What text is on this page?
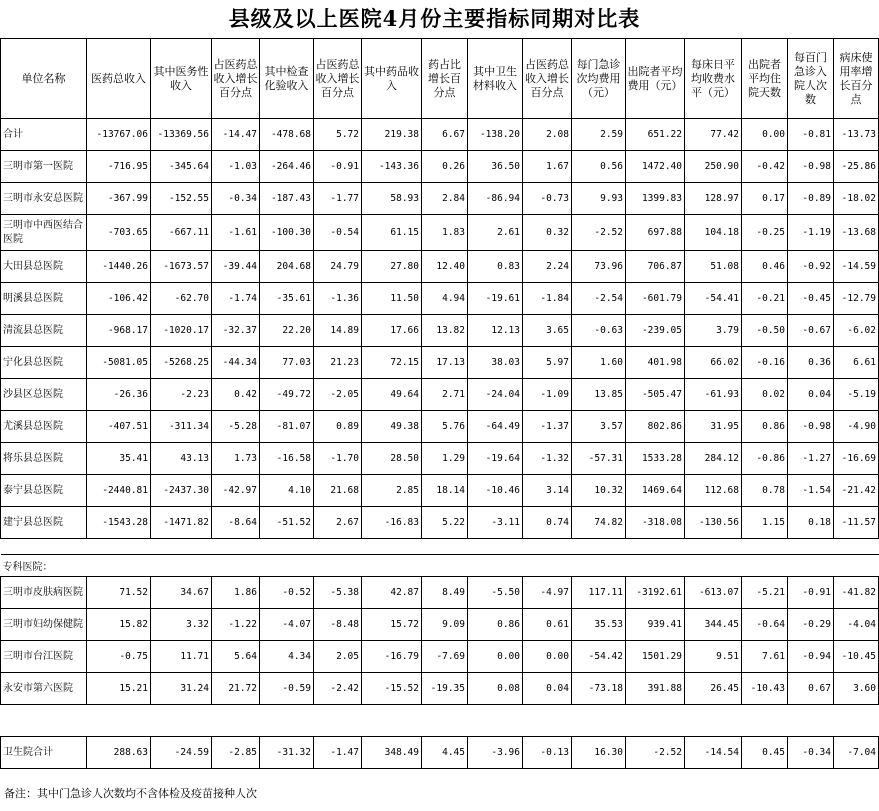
县级及以上医院4月份主要指标同期对比表
单位名称	医药总收入	其中医务性收入	占医药总收入增长百分点	其中检查化验收入	占医药总收入增长百分点	其中药品收入	药占比增长百分点	其中卫生材料收入	占医药总收入增长百分点	每门急诊次均费用（元）	出院者平均费用（元）	每床日平均收费水平（元）	出院者平均住院天数	每百门急诊入院人次数	病床使用率增长百分点
合计	-13767.06	-13369.56	-14.47	-478.68	5.72	219.38	6.67	-138.20	2.08	2.59	651.22	77.42	0.00	-0.81	-13.73
三明市第一医院	-716.95	-345.64	-1.03	-264.46	-0.91	-143.36	0.26	36.50	1.67	0.56	1472.40	250.90	-0.42	-0.98	-25.86
三明市永安总医院	-367.99	-152.55	-0.34	-187.43	-1.77	58.93	2.84	-86.94	-0.73	9.93	1399.83	128.97	0.17	-0.89	-18.02
三明市中西医结合医院	-703.65	-667.11	-1.61	-100.30	-0.54	61.15	1.83	2.61	0.32	-2.52	697.88	104.18	-0.25	-1.19	-13.68
大田县总医院	-1440.26	-1673.57	-39.44	204.68	24.79	27.80	12.40	0.83	2.24	73.96	706.87	51.08	0.46	-0.92	-14.59
明溪县总医院	-106.42	-62.70	-1.74	-35.61	-1.36	11.50	4.94	-19.61	-1.84	-2.54	-601.79	-54.41	-0.21	-0.45	-12.79
清流县总医院	-968.17	-1020.17	-32.37	22.20	14.89	17.66	13.82	12.13	3.65	-0.63	-239.05	3.79	-0.50	-0.67	-6.02
宁化县总医院	-5081.05	-5268.25	-44.34	77.03	21.23	72.15	17.13	38.03	5.97	1.60	401.98	66.02	-0.16	0.36	6.61
沙县区总医院	-26.36	-2.23	0.42	-49.72	-2.05	49.64	2.71	-24.04	-1.09	13.85	-505.47	-61.93	0.02	0.04	-5.19
尤溪县总医院	-407.51	-311.34	-5.28	-81.07	0.89	49.38	5.76	-64.49	-1.37	3.57	802.86	31.95	0.86	-0.98	-4.90
将乐县总医院	35.41	43.13	1.73	-16.58	-1.70	28.50	1.29	-19.64	-1.32	-57.31	1533.28	284.12	-0.86	-1.27	-16.69
泰宁县总医院	-2440.81	-2437.30	-42.97	4.10	21.68	2.85	18.14	-10.46	3.14	10.32	1469.64	112.68	0.78	-1.54	-21.42
建宁县总医院	-1543.28	-1471.82	-8.64	-51.52	2.67	-16.83	5.22	-3.11	0.74	74.82	-318.08	-130.56	1.15	0.18	-11.57

专科医院：															
三明市皮肤病医院	71.52	34.67	1.86	-0.52	-5.38	42.87	8.49	-5.50	-4.97	117.11	-3192.61	-613.07	-5.21	-0.91	-41.82
三明市妇幼保健院	15.82	3.32	-1.22	-4.07	-8.48	15.72	9.09	0.86	0.61	35.53	939.41	344.45	-0.64	-0.29	-4.04
三明市台江医院	-0.75	11.71	5.64	4.34	2.05	-16.79	-7.69	0.00	0.00	-54.42	1501.29	9.51	7.61	-0.94	-10.45
永安市第六医院	15.21	31.24	21.72	-0.59	-2.42	-15.52	-19.35	0.08	0.04	-73.18	391.88	26.45	-10.43	0.67	3.60

卫生院合计	288.63	-24.59	-2.85	-31.32	-1.47	348.49	4.45	-3.96	-0.13	16.30	-2.52	-14.54	0.45	-0.34	-7.04
备注：其中门急诊人次数均不含体检及疫苗接种人次
